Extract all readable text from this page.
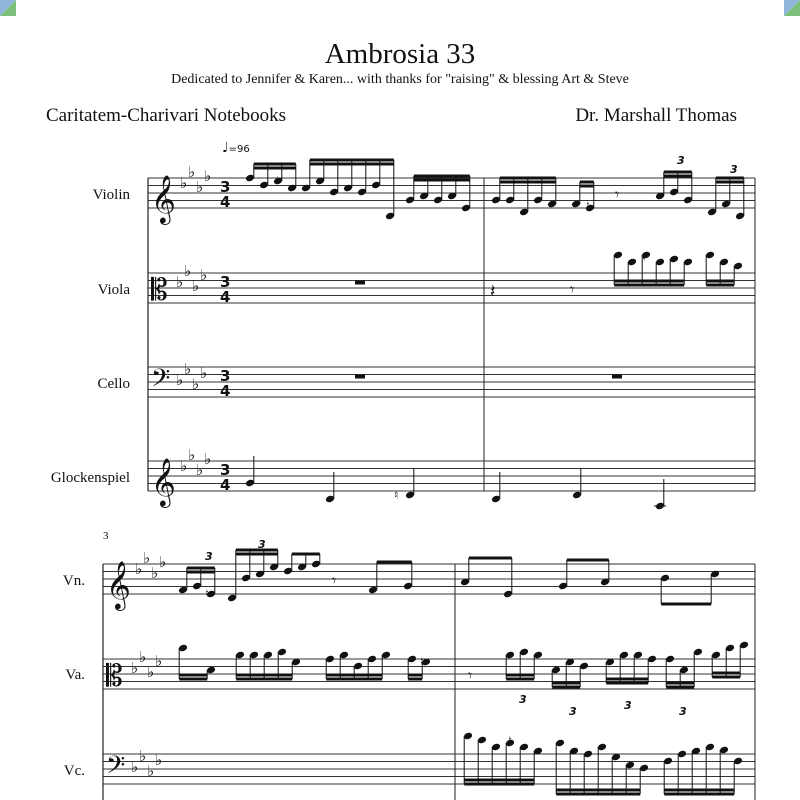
Ambrosia 33
Dedicated to Jennifer & Karen... with thanks for "raising" & blessing Art & Steve
Caritatem-Charivari Notebooks	Dr. Marshall Thomas
♩=96
Violin
Viola
Cello
Glockenspiel
3
Vn.
Va.
Vc.
𝄞
𝄡
𝄢
𝄞
𝄞
𝄡
𝄢
♭
♭
♭
♭
♭
♭
♭
♭
♭
♭
♭
♭
♭
♭
♭
♭
♭
♭
♭
♭
♭
♭
♭
♭
♭
♭
♭
♭
3
4
3
4
3
4
3
4
♮
♮
𝄾
3
3
𝄽	𝄾
♮
♮
3
♮
3
𝄾
♮
𝄾
3
3	3	3
♮
